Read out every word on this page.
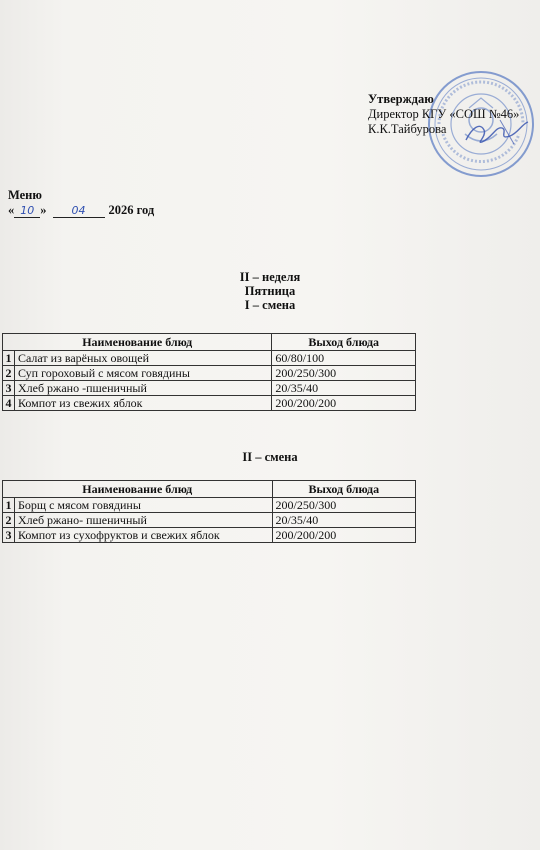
Утверждаю
Директор КГУ «СОШ №46»
К.К.Тайбурова
Меню
« 10 »	04	2026 год
II – неделя
Пятница
I – смена
Наименование блюд		Выход блюда
1	Салат из варёных овощей	60/80/100
2	Суп гороховый с мясом говядины	200/250/300
3	Хлеб ржано -пшеничный	20/35/40
4	Компот из свежих яблок	200/200/200
II – смена
Наименование блюд		Выход блюда
1	Борщ с мясом говядины	200/250/300
2	Хлеб ржано- пшеничный	20/35/40
3	Компот из сухофруктов и свежих яблок	200/200/200
